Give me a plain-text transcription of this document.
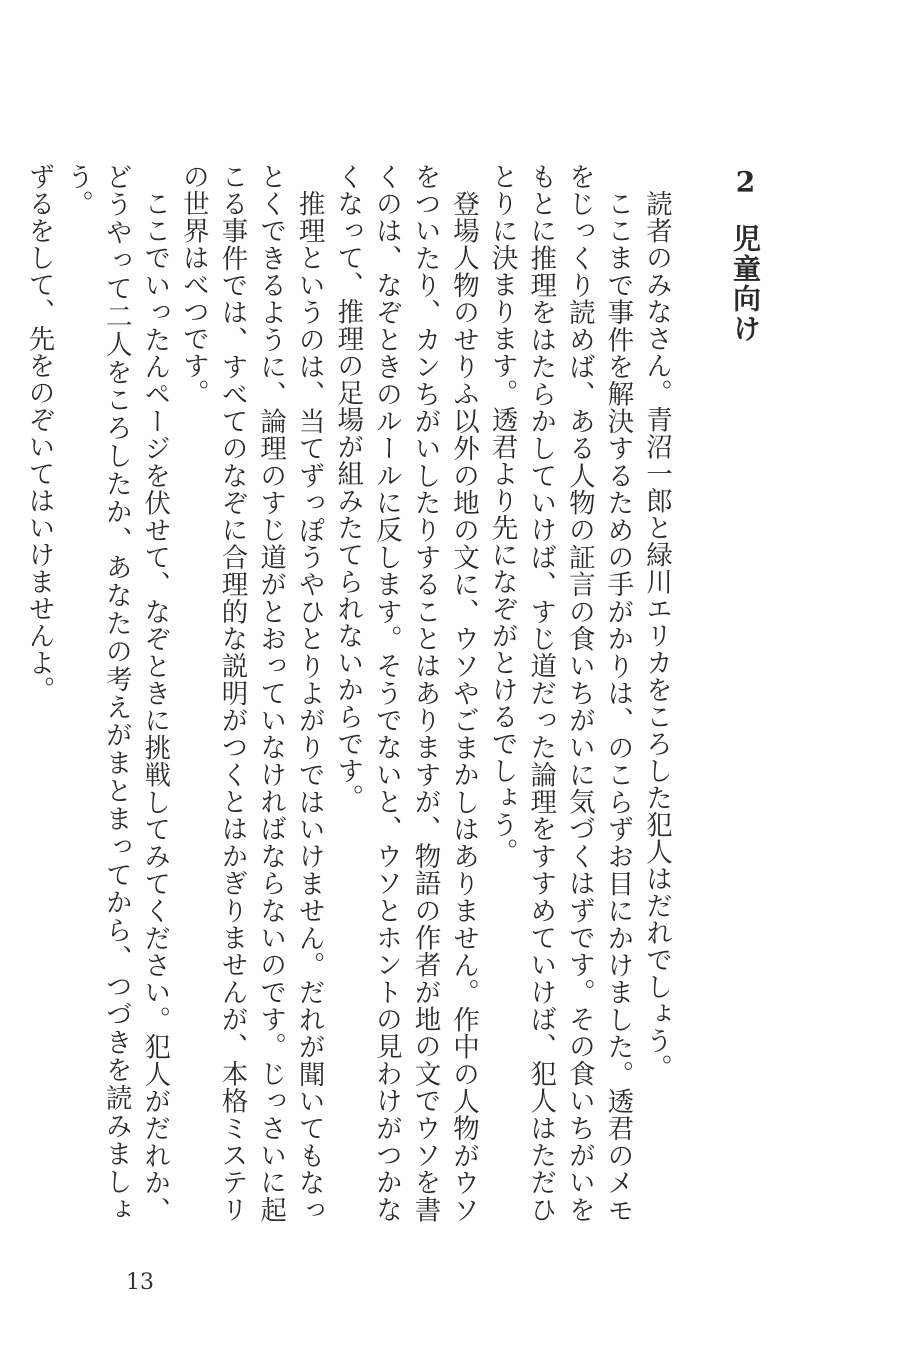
2児童向け

読者のみなさん。青沼一郎と緑川エリカをころした犯人はだれでしょう。

ここまで事件を解決するための手がかりは、のこらずお目にかけました。透君のメモをじっくり読めば、ある人物の証言の食いちがいに気づくはずです。その食いちがいをもとに推理をはたらかしていけば、すじ道だった論理をすすめていけば、犯人はただひとりに決まります。透君より先になぞがとけるでしょう。

登場人物のせりふ以外の地の文に、ウソやごまかしはありません。作中の人物がウソをついたり、カンちがいしたりすることはありますが、物語の作者が地の文でウソを書くのは、なぞときのルールに反します。そうでないと、ウソとホントの見わけがつかなくなって、推理の足場が組みたてられないからです。

推理というのは、当てずっぽうやひとりよがりではいけません。だれが聞いてもなっとくできるように、論理のすじ道がとおっていなければならないのです。じっさいに起こる事件では、すべてのなぞに合理的な説明がつくとはかぎりませんが、本格ミステリの世界はべつです。

ここでいったんページを伏せて、なぞときに挑戦してみてください。犯人がだれか、どうやって二人をころしたか、あなたの考えがまとまってから、つづきを読みましょう。

ずるをして、先をのぞいてはいけませんよ。

13
